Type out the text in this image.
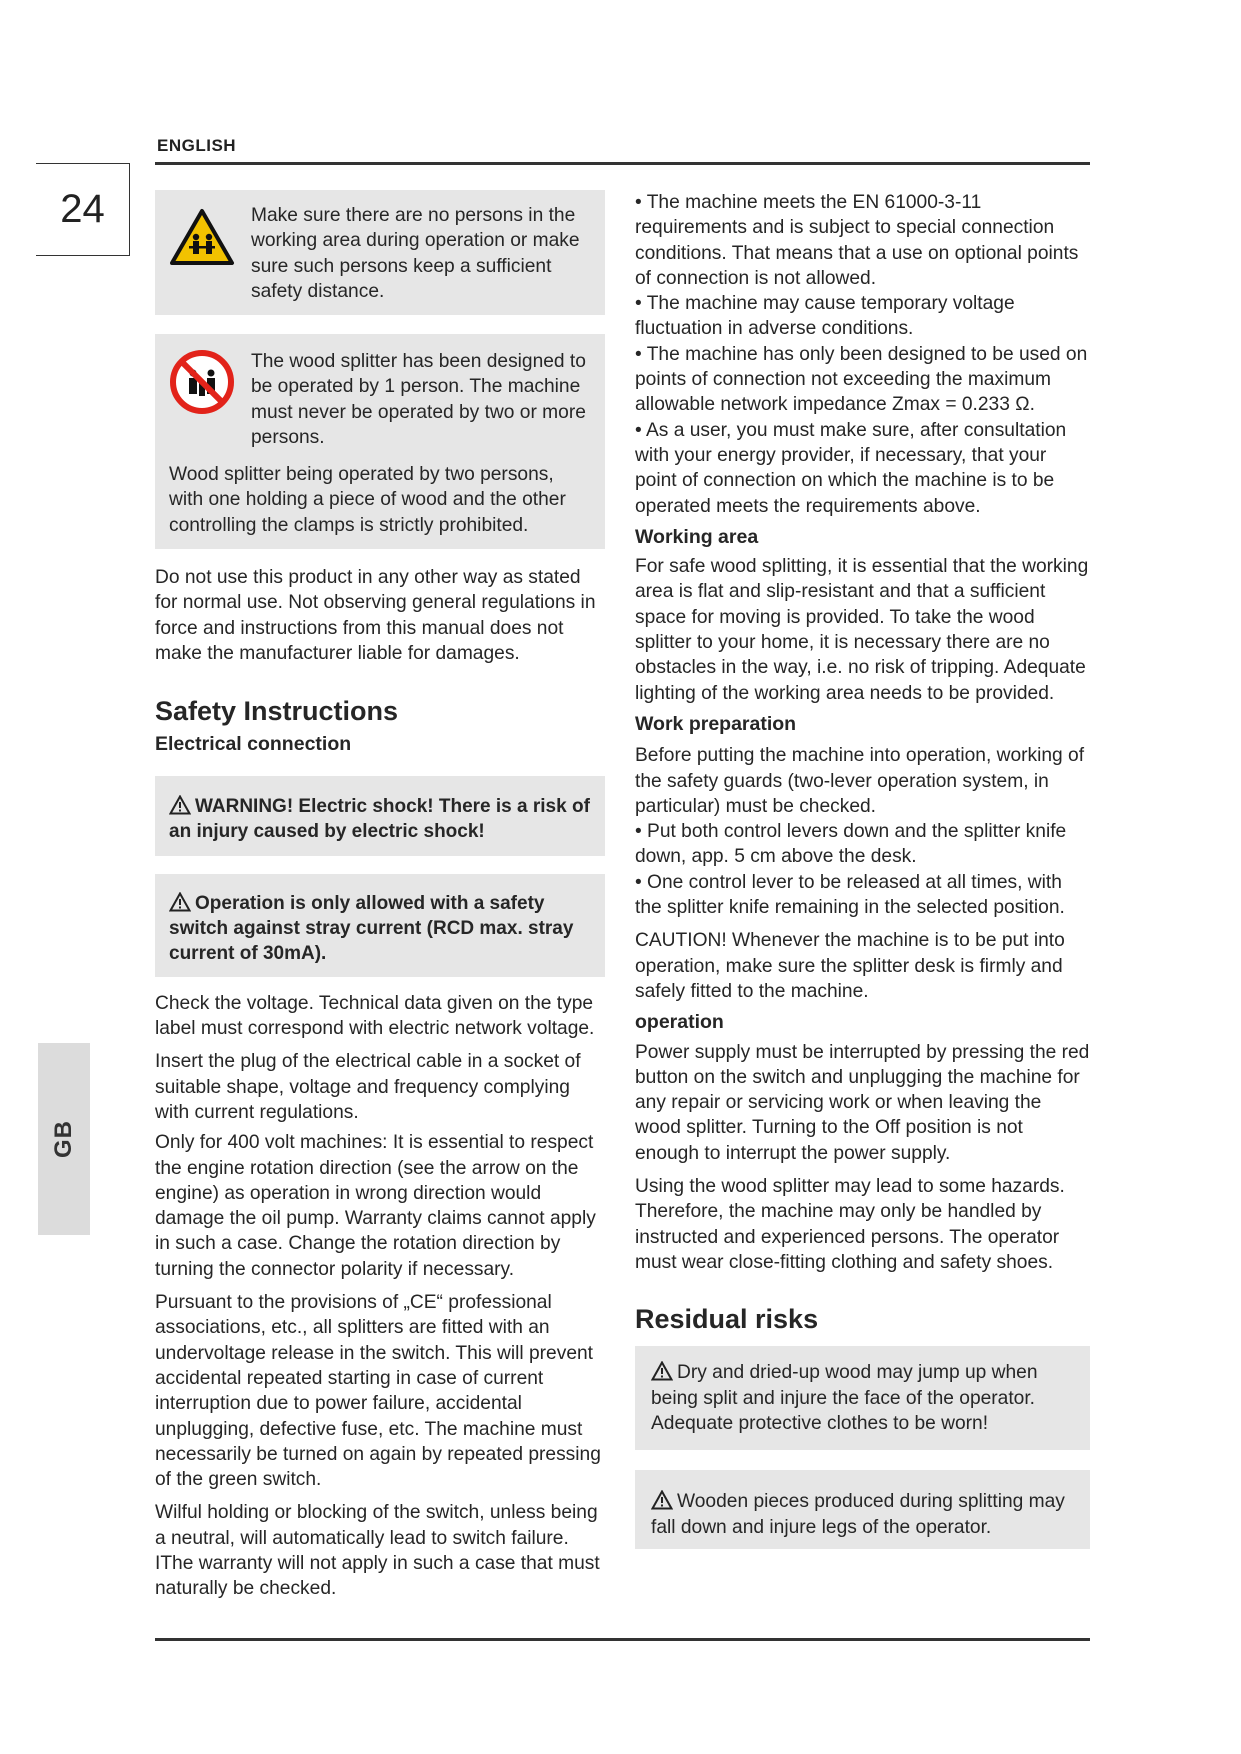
ENGLISH
24
GB

Make sure there are no persons in the working area during operation or make sure such persons keep a sufficient safety distance.

The wood splitter has been designed to be operated by 1 person. The machine must never be operated by two or more persons.

Wood splitter being operated by two persons, with one holding a piece of wood and the other controlling the clamps is strictly prohibited.

Do not use this product in any other way as stated for normal use. Not observing general regulations in force and instructions from this manual does not make the manufacturer liable for damages.

Safety Instructions
Electrical connection
WARNING! Electric shock! There is a risk of an injury caused by electric shock!
Operation is only allowed with a safety switch against stray current (RCD max. stray current of 30mA).

Check the voltage. Technical data given on the type label must correspond with electric network voltage.

Insert the plug of the electrical cable in a socket of suitable shape, voltage and frequency complying with current regulations.

Only for 400 volt machines: It is essential to respect the engine rotation direction (see the arrow on the engine) as operation in wrong direction would damage the oil pump. Warranty claims cannot apply in such a case. Change the rotation direction by turning the connector polarity if necessary.

Pursuant to the provisions of „CE“ professional associations, etc., all splitters are fitted with an undervoltage release in the switch. This will prevent accidental repeated starting in case of current interruption due to power failure, accidental unplugging, defective fuse, etc. The machine must necessarily be turned on again by repeated pressing of the green switch.

Wilful holding or blocking of the switch, unless being a neutral, will automatically lead to switch failure. IThe warranty will not apply in such a case that must naturally be checked.

• The machine meets the EN 61000-3-11 requirements and is subject to special connection conditions. That means that a use on optional points of connection is not allowed.

• The machine may cause temporary voltage fluctuation in adverse conditions.

• The machine has only been designed to be used on points of connection not exceeding the maximum allowable network impedance Zmax = 0.233 Ω.

• As a user, you must make sure, after consultation with your energy provider, if necessary, that your point of connection on which the machine is to be operated meets the requirements above.

Working area

For safe wood splitting, it is essential that the working area is flat and slip-resistant and that a sufficient space for moving is provided. To take the wood splitter to your home, it is necessary there are no obstacles in the way, i.e. no risk of tripping. Adequate lighting of the working area needs to be provided.

Work preparation

Before putting the machine into operation, working of the safety guards (two-lever operation system, in particular) must be checked.

• Put both control levers down and the splitter knife down, app. 5 cm above the desk.

• One control lever to be released at all times, with the splitter knife remaining in the selected position.

CAUTION! Whenever the machine is to be put into operation, make sure the splitter desk is firmly and safely fitted to the machine.

operation

Power supply must be interrupted by pressing the red button on the switch and unplugging the machine for any repair or servicing work or when leaving the wood splitter. Turning to the Off position is not enough to interrupt the power supply.

Using the wood splitter may lead to some hazards. Therefore, the machine may only be handled by instructed and experienced persons. The operator must wear close-fitting clothing and safety shoes.

Residual risks
Dry and dried-up wood may jump up when being split and injure the face of the operator. Adequate protective clothes to be worn!
Wooden pieces produced during splitting may fall down and injure legs of the operator.
